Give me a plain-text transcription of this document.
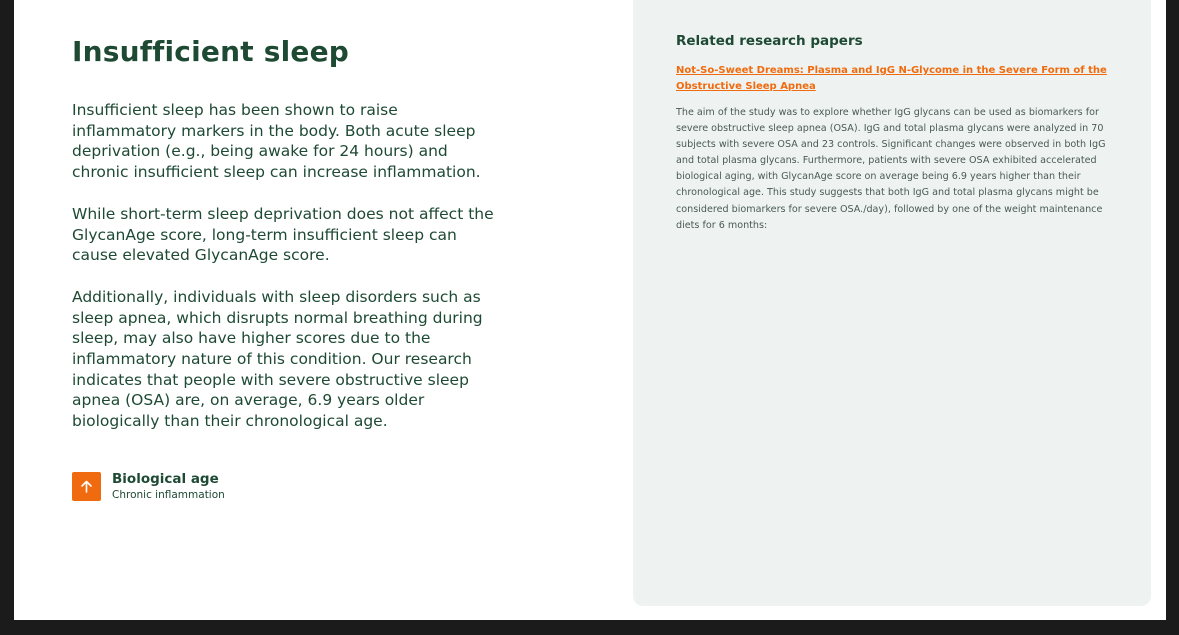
Insufficient sleep

Insufficient sleep has been shown to raise inflammatory markers in the body. Both acute sleep deprivation (e.g., being awake for 24 hours) and chronic insufficient sleep can increase inflammation.

While short-term sleep deprivation does not affect the GlycanAge score, long-term insufficient sleep can cause elevated GlycanAge score.

Additionally, individuals with sleep disorders such as sleep apnea, which disrupts normal breathing during sleep, may also have higher scores due to the inflammatory nature of this condition. Our research indicates that people with severe obstructive sleep apnea (OSA) are, on average, 6.9 years older biologically than their chronological age.

Biological age
Chronic inflammation
Related research papers
Not-So-Sweet Dreams: Plasma and IgG N-Glycome in the Severe Form of the Obstructive Sleep Apnea
The aim of the study was to explore whether IgG glycans can be used as biomarkers for severe obstructive sleep apnea (OSA). IgG and total plasma glycans were analyzed in 70 subjects with severe OSA and 23 controls. Significant changes were observed in both IgG and total plasma glycans. Furthermore, patients with severe OSA exhibited accelerated biological aging, with GlycanAge score on average being 6.9 years higher than their chronological age. This study suggests that both IgG and total plasma glycans might be considered biomarkers for severe OSA./day), followed by one of the weight maintenance diets for 6 months:
